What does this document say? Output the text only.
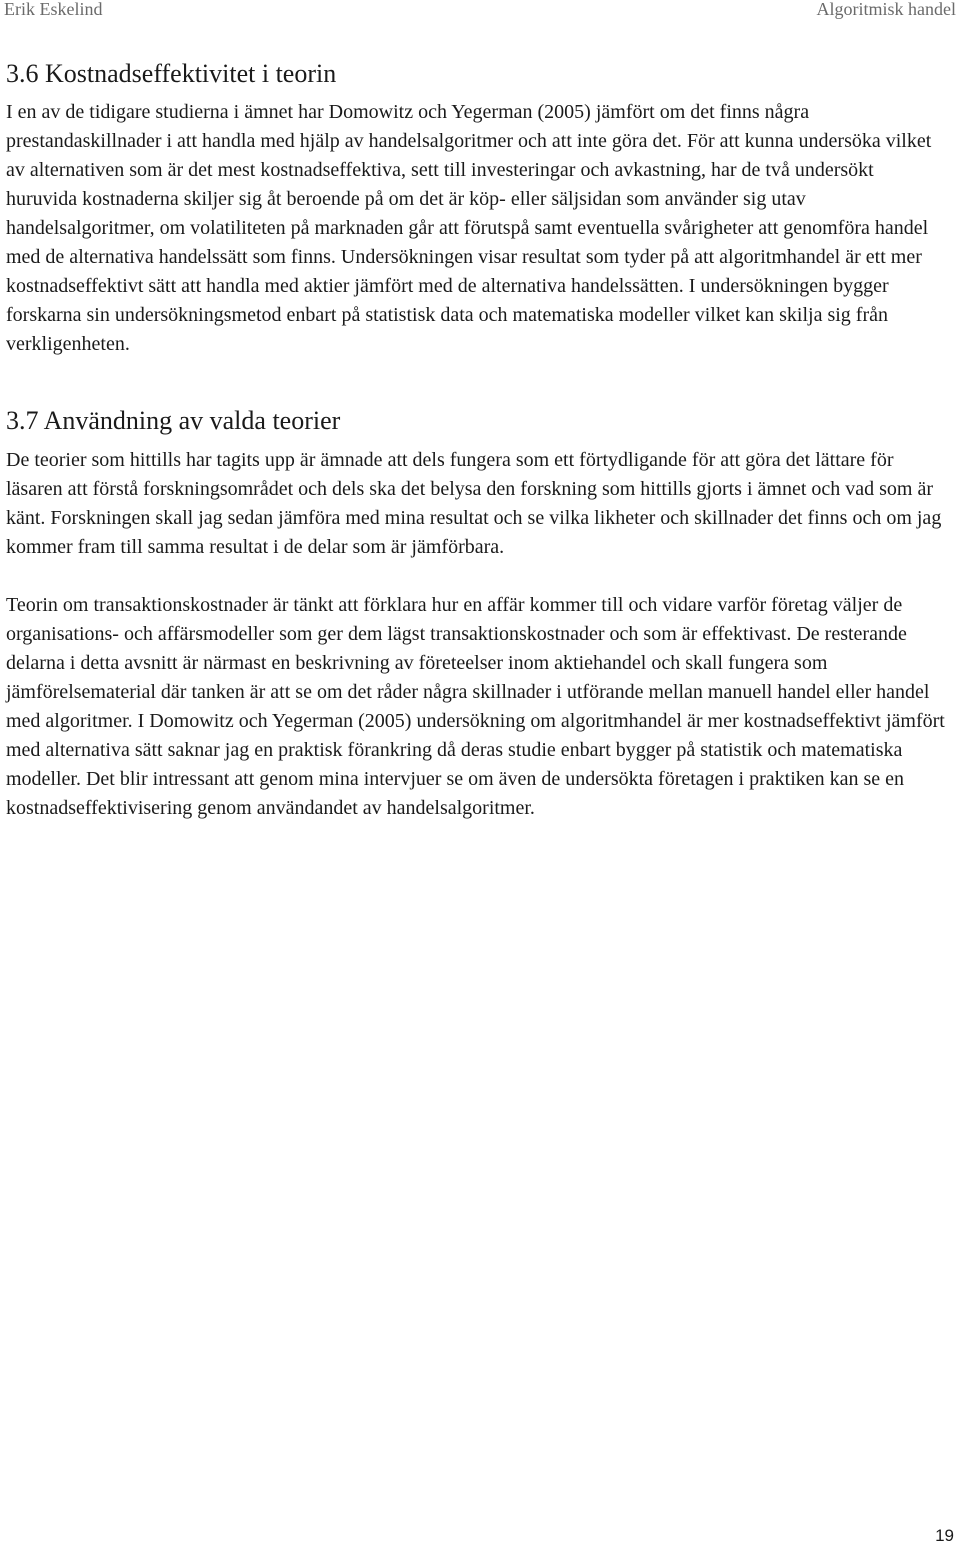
Erik Eskelind	Algoritmisk handel
3.6 Kostnadseffektivitet i teorin

I en av de tidigare studierna i ämnet har Domowitz och Yegerman (2005) jämfört om det finns några prestandaskillnader i att handla med hjälp av handelsalgoritmer och att inte göra det. För att kunna undersöka vilket av alternativen som är det mest kostnadseffektiva, sett till investeringar och avkastning, har de två undersökt huruvida kostnaderna skiljer sig åt beroende på om det är köp- eller säljsidan som använder sig utav handelsalgoritmer, om volatiliteten på marknaden går att förutspå samt eventuella svårigheter att genomföra handel med de alternativa handelssätt som finns. Undersökningen visar resultat som tyder på att algoritmhandel är ett mer kostnadseffektivt sätt att handla med aktier jämfört med de alternativa handelssätten. I undersökningen bygger forskarna sin undersökningsmetod enbart på statistisk data och matematiska modeller vilket kan skilja sig från verkligenheten.

3.7 Användning av valda teorier

De teorier som hittills har tagits upp är ämnade att dels fungera som ett förtydligande för att göra det lättare för läsaren att förstå forskningsområdet och dels ska det belysa den forskning som hittills gjorts i ämnet och vad som är känt. Forskningen skall jag sedan jämföra med mina resultat och se vilka likheter och skillnader det finns och om jag kommer fram till samma resultat i de delar som är jämförbara.

Teorin om transaktionskostnader är tänkt att förklara hur en affär kommer till och vidare varför företag väljer de organisations- och affärsmodeller som ger dem lägst transaktionskostnader och som är effektivast. De resterande delarna i detta avsnitt är närmast en beskrivning av företeelser inom aktiehandel och skall fungera som jämförelsematerial där tanken är att se om det råder några skillnader i utförande mellan manuell handel eller handel med algoritmer. I Domowitz och Yegerman (2005) undersökning om algoritmhandel är mer kostnadseffektivt jämfört med alternativa sätt saknar jag en praktisk förankring då deras studie enbart bygger på statistik och matematiska modeller. Det blir intressant att genom mina intervjuer se om även de undersökta företagen i praktiken kan se en kostnadseffektivisering genom användandet av handelsalgoritmer.

19
